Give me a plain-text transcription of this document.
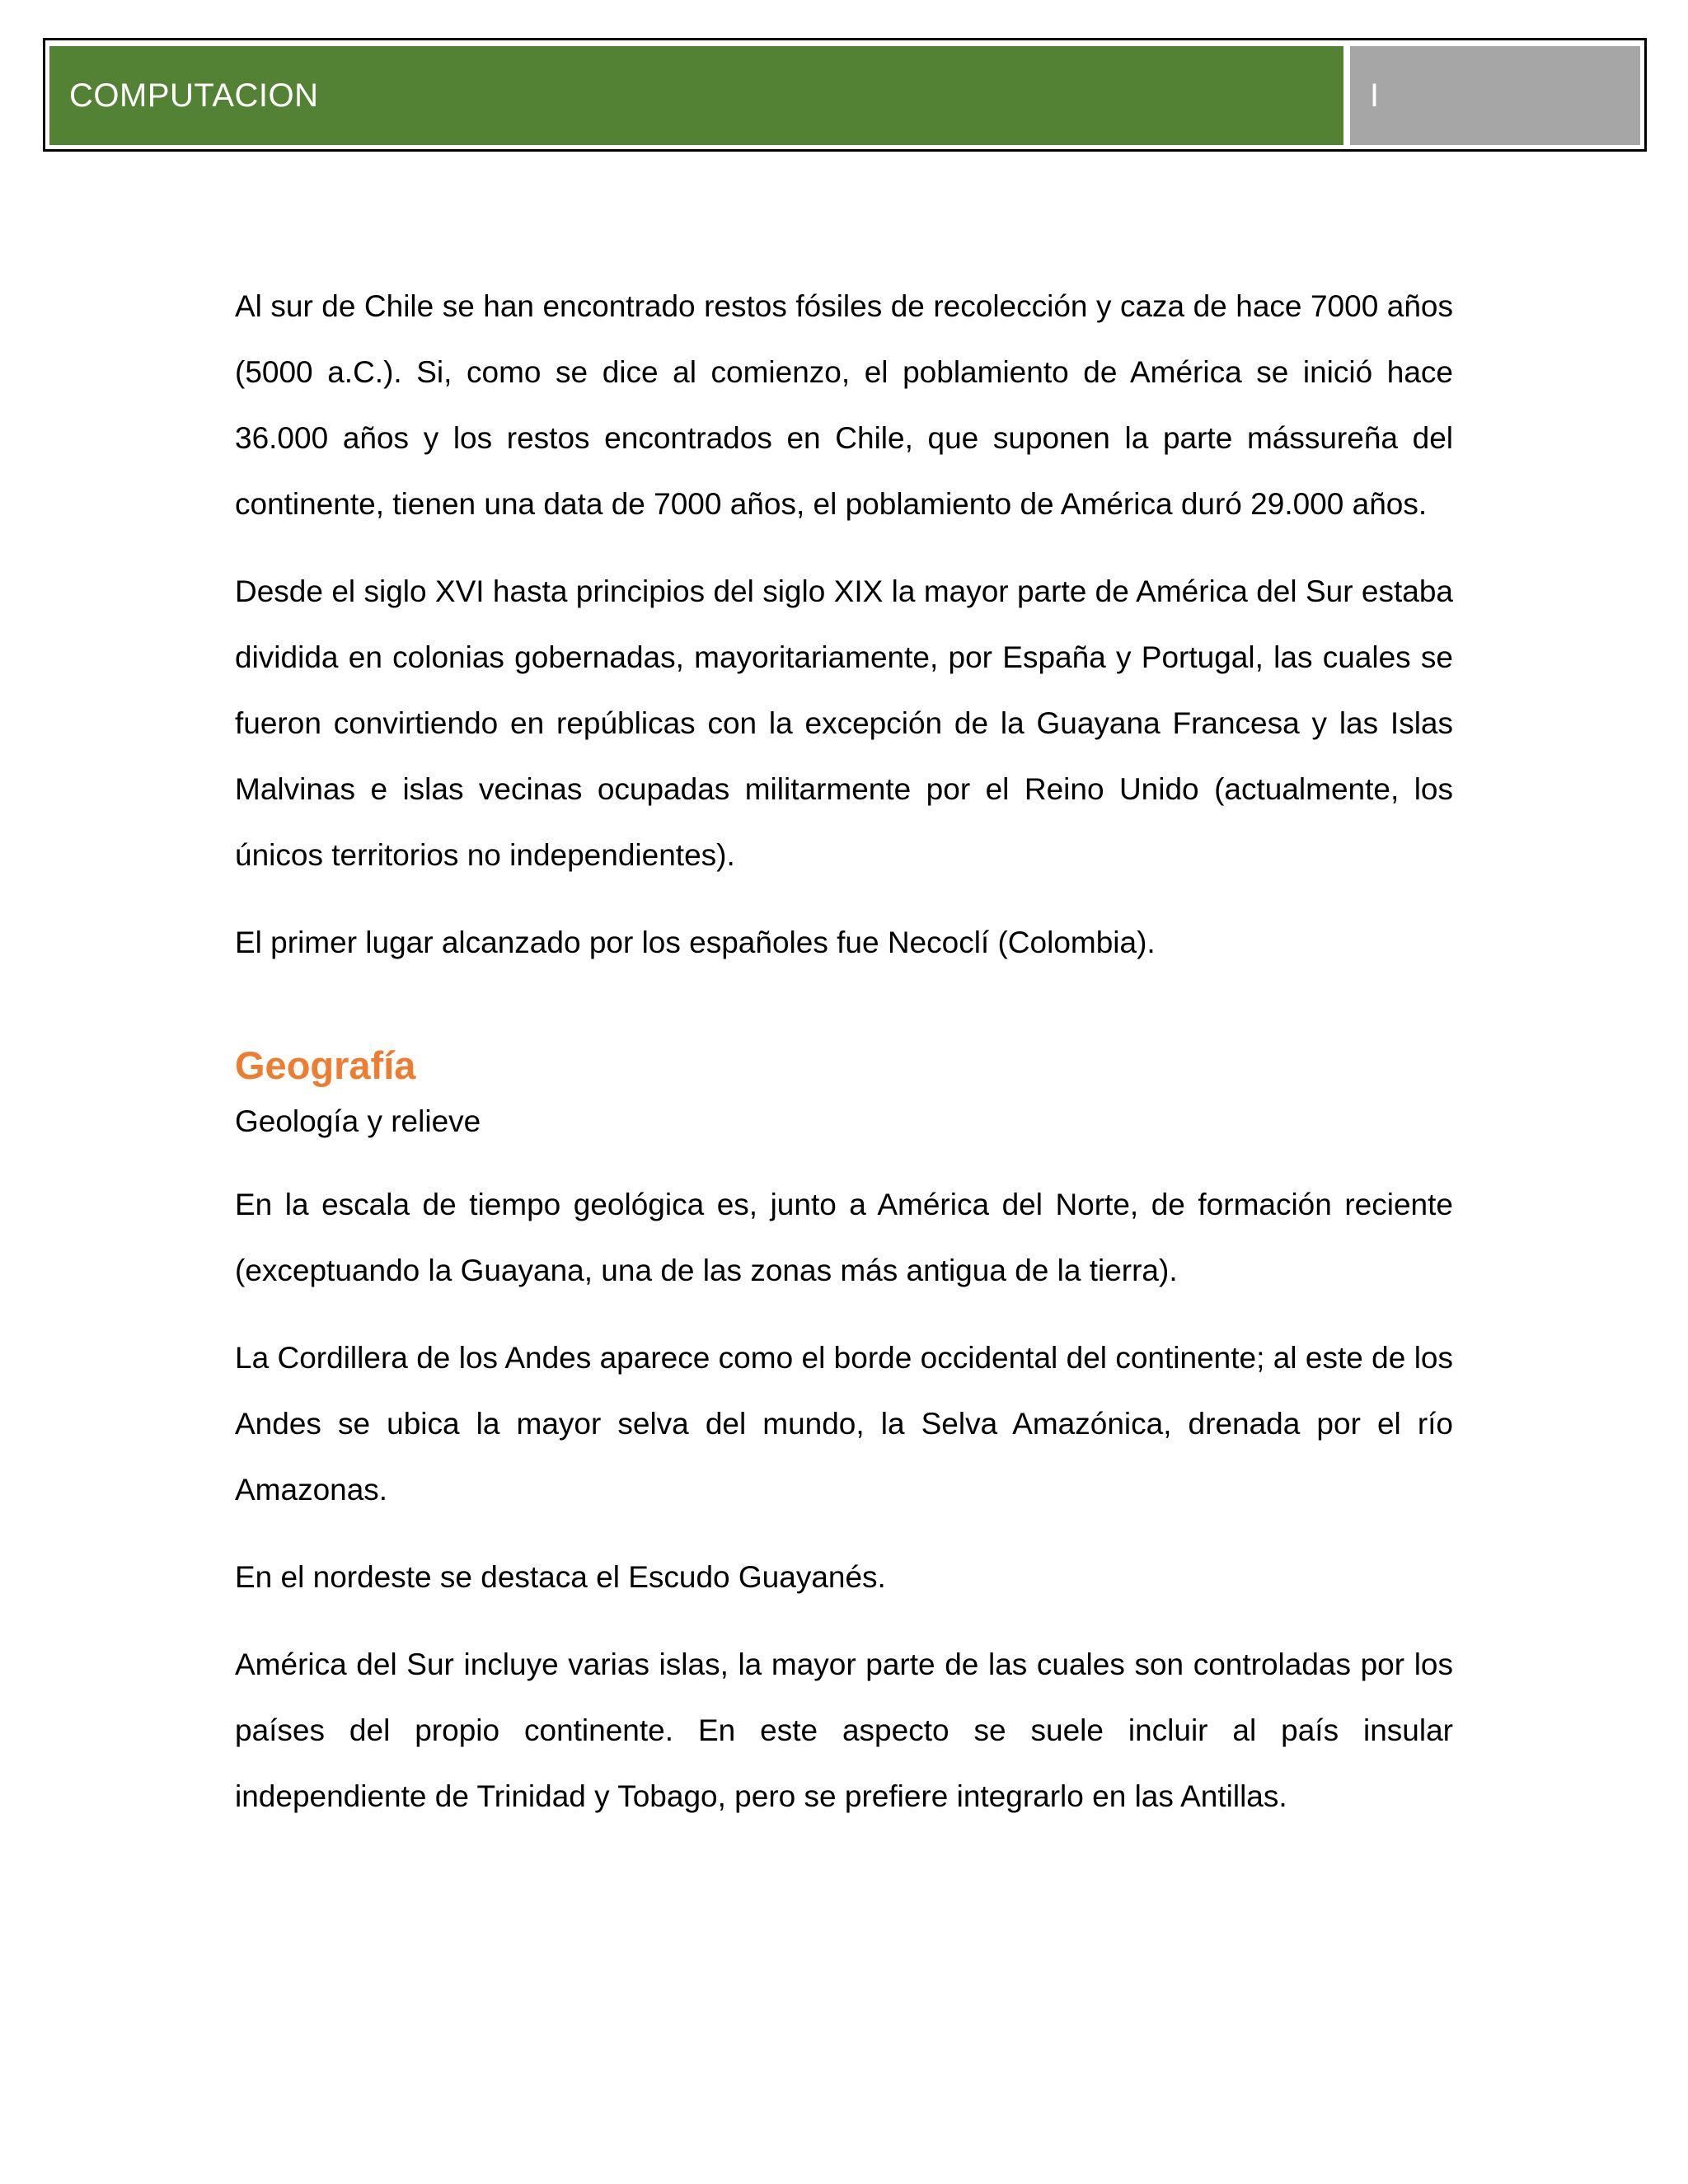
COMPUTACION	I

Al sur de Chile se han encontrado restos fósiles de recolección y caza de hace 7000 años (5000 a.C.). Si, como se dice al comienzo, el poblamiento de América se inició hace 36.000 años y los restos encontrados en Chile, que suponen la parte mássureña del continente, tienen una data de 7000 años, el poblamiento de América duró 29.000 años.

Desde el siglo XVI hasta principios del siglo XIX la mayor parte de América del Sur estaba dividida en colonias gobernadas, mayoritariamente, por España y Portugal, las cuales se fueron convirtiendo en repúblicas con la excepción de la Guayana Francesa y las Islas Malvinas e islas vecinas ocupadas militarmente por el Reino Unido (actualmente, los únicos territorios no independientes).

El primer lugar alcanzado por los españoles fue Necoclí (Colombia).

Geografía

Geología y relieve

En la escala de tiempo geológica es, junto a América del Norte, de formación reciente (exceptuando la Guayana, una de las zonas más antigua de la tierra).

La Cordillera de los Andes aparece como el borde occidental del continente; al este de los Andes se ubica la mayor selva del mundo, la Selva Amazónica, drenada por el río Amazonas.

En el nordeste se destaca el Escudo Guayanés.

América del Sur incluye varias islas, la mayor parte de las cuales son controladas por los países del propio continente. En este aspecto se suele incluir al país insular independiente de Trinidad y Tobago, pero se prefiere integrarlo en las Antillas.
